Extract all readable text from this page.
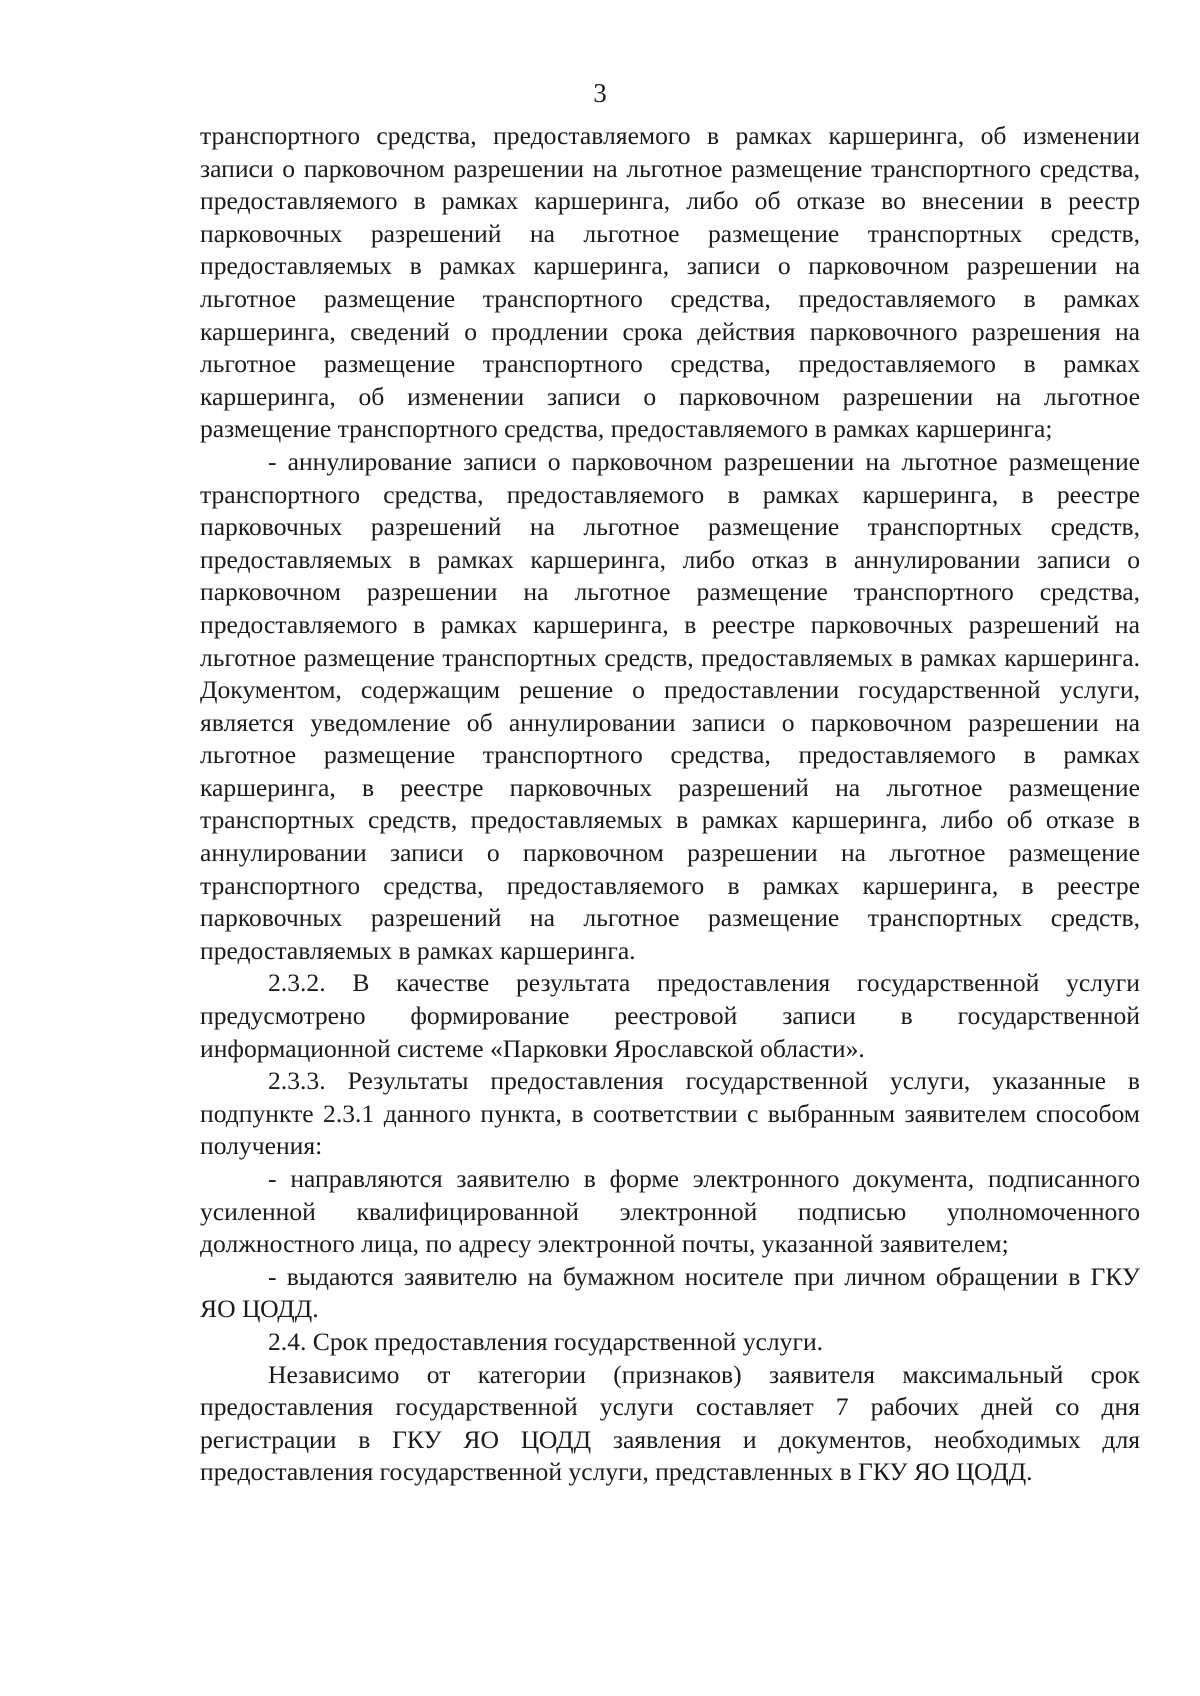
3

транспортного средства, предоставляемого в рамках каршеринга, об изменении записи о парковочном разрешении на льготное размещение транспортного средства, предоставляемого в рамках каршеринга, либо об отказе во внесении в реестр парковочных разрешений на льготное размещение транспортных средств, предоставляемых в рамках каршеринга, записи о парковочном разрешении на льготное размещение транспортного средства, предоставляемого в рамках каршеринга, сведений о продлении срока действия парковочного разрешения на льготное размещение транспортного средства, предоставляемого в рамках каршеринга, об изменении записи о парковочном разрешении на льготное размещение транспортного средства, предоставляемого в рамках каршеринга;

- аннулирование записи о парковочном разрешении на льготное размещение транспортного средства, предоставляемого в рамках каршеринга, в реестре парковочных разрешений на льготное размещение транспортных средств, предоставляемых в рамках каршеринга, либо отказ в аннулировании записи о парковочном разрешении на льготное размещение транспортного средства, предоставляемого в рамках каршеринга, в реестре парковочных разрешений на льготное размещение транспортных средств, предоставляемых в рамках каршеринга. Документом, содержащим решение о предоставлении государственной услуги, является уведомление об аннулировании записи о парковочном разрешении на льготное размещение транспортного средства, предоставляемого в рамках каршеринга, в реестре парковочных разрешений на льготное размещение транспортных средств, предоставляемых в рамках каршеринга, либо об отказе в аннулировании записи о парковочном разрешении на льготное размещение транспортного средства, предоставляемого в рамках каршеринга, в реестре парковочных разрешений на льготное размещение транспортных средств, предоставляемых в рамках каршеринга.

2.3.2. В качестве результата предоставления государственной услуги предусмотрено формирование реестровой записи в государственной информационной системе «Парковки Ярославской области».

2.3.3. Результаты предоставления государственной услуги, указанные в подпункте 2.3.1 данного пункта, в соответствии с выбранным заявителем способом получения:

- направляются заявителю в форме электронного документа, подписанного усиленной квалифицированной электронной подписью уполномоченного должностного лица, по адресу электронной почты, указанной заявителем;

- выдаются заявителю на бумажном носителе при личном обращении в ГКУ ЯО ЦОДД.

2.4. Срок предоставления государственной услуги.

Независимо от категории (признаков) заявителя максимальный срок предоставления государственной услуги составляет 7 рабочих дней со дня регистрации в ГКУ ЯО ЦОДД заявления и документов, необходимых для предоставления государственной услуги, представленных в ГКУ ЯО ЦОДД.
